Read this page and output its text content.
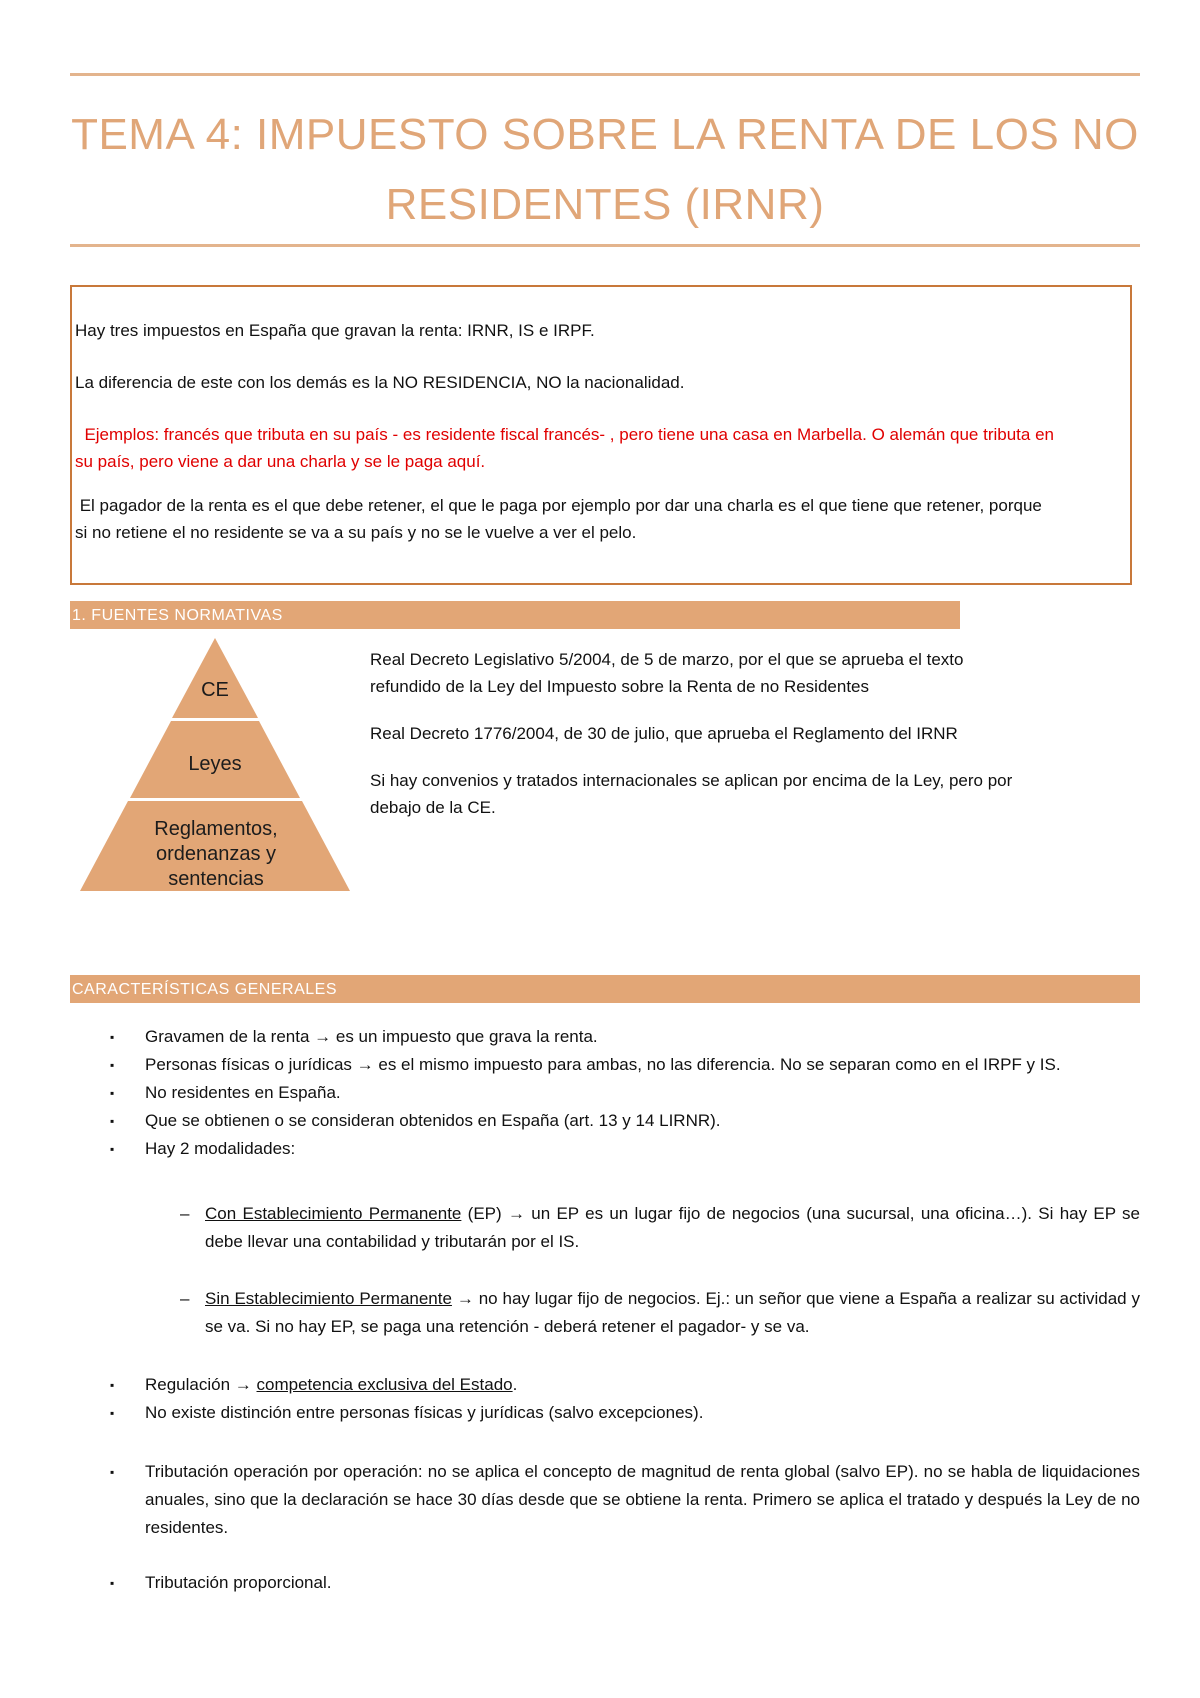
TEMA 4: IMPUESTO SOBRE LA RENTA DE LOS NO
RESIDENTES (IRNR)

Hay tres impuestos en España que gravan la renta: IRNR, IS e IRPF.

La diferencia de este con los demás es la NO RESIDENCIA, NO la nacionalidad.

Ejemplos: francés que tributa en su país - es residente fiscal francés- , pero tiene una casa en Marbella. O alemán que tributa en
su país, pero viene a dar una charla y se le paga aquí.

El pagador de la renta es el que debe retener, el que le paga por ejemplo por dar una charla es el que tiene que retener, porque
si no retiene el no residente se va a su país y no se le vuelve a ver el pelo.

1. FUENTES NORMATIVAS
CE
Leyes
Reglamentos,
ordenanzas y
sentencias

Real Decreto Legislativo 5/2004, de 5 de marzo, por el que se aprueba el texto
refundido de la Ley del Impuesto sobre la Renta de no Residentes

Real Decreto 1776/2004, de 30 de julio, que aprueba el Reglamento del IRNR

Si hay convenios y tratados internacionales se aplican por encima de la Ley, pero por
debajo de la CE.

CARACTERÍSTICAS GENERALES
▪ Gravamen de la renta → es un impuesto que grava la renta.
▪ Personas físicas o jurídicas → es el mismo impuesto para ambas, no las diferencia. No se separan como en el IRPF y IS.
▪ No residentes en España.
▪ Que se obtienen o se consideran obtenidos en España (art. 13 y 14 LIRNR).
▪ Hay 2 modalidades:
– Con Establecimiento Permanente (EP) → un EP es un lugar fijo de negocios (una sucursal, una oficina…). Si hay EP se debe llevar una contabilidad y tributarán por el IS.
– Sin Establecimiento Permanente → no hay lugar fijo de negocios. Ej.: un señor que viene a España a realizar su actividad y se va. Si no hay EP, se paga una retención - deberá retener el pagador- y se va.
▪ Regulación → competencia exclusiva del Estado.
▪ No existe distinción entre personas físicas y jurídicas (salvo excepciones).
▪ Tributación operación por operación: no se aplica el concepto de magnitud de renta global (salvo EP). no se habla de liquidaciones anuales, sino que la declaración se hace 30 días desde que se obtiene la renta. Primero se aplica el tratado y después la Ley de no residentes.
▪ Tributación proporcional.
